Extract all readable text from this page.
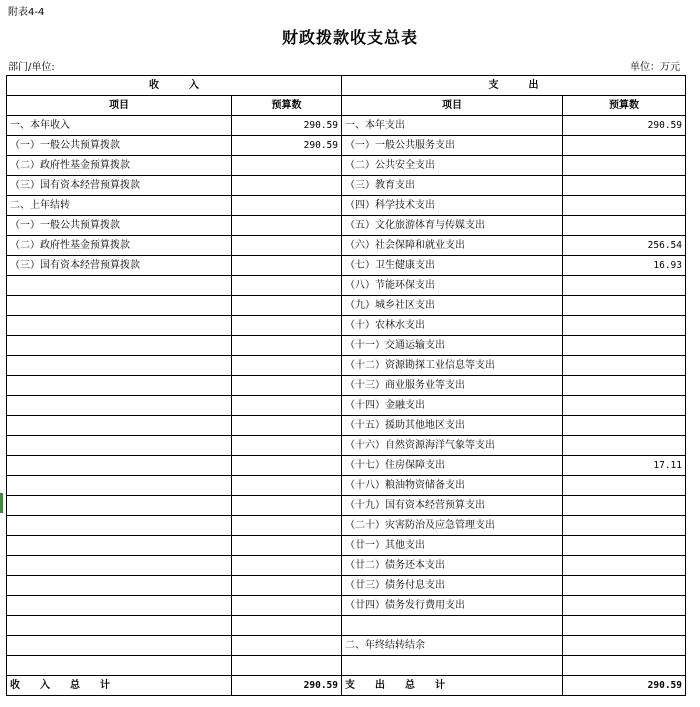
附表4-4
财政拨款收支总表
部门/单位:	单位：万元
收　　　入		支　　　出	
项目	预算数	项目	预算数
一、本年收入	290.59	一、本年支出	290.59
（一）一般公共预算拨款	290.59	（一）一般公共服务支出	
（二）政府性基金预算拨款		（二）公共安全支出	
（三）国有资本经营预算拨款		（三）教育支出	
二、上年结转		（四）科学技术支出	
（一）一般公共预算拨款		（五）文化旅游体育与传媒支出	
（二）政府性基金预算拨款		（六）社会保障和就业支出	256.54
（三）国有资本经营预算拨款		（七）卫生健康支出	16.93
		（八）节能环保支出	
		（九）城乡社区支出	
		（十）农林水支出	
		（十一）交通运输支出	
		（十二）资源勘探工业信息等支出	
		（十三）商业服务业等支出	
		（十四）金融支出	
		（十五）援助其他地区支出	
		（十六）自然资源海洋气象等支出	
		（十七）住房保障支出	17.11
		（十八）粮油物资储备支出	
		（十九）国有资本经营预算支出	
		（二十）灾害防治及应急管理支出	
		（廿一）其他支出	
		（廿二）债务还本支出	
		（廿三）债务付息支出	
		（廿四）债务发行费用支出	

		二、年终结转结余	

收　　入　　总　　计	290.59	支　　出　　总　　计	290.59
